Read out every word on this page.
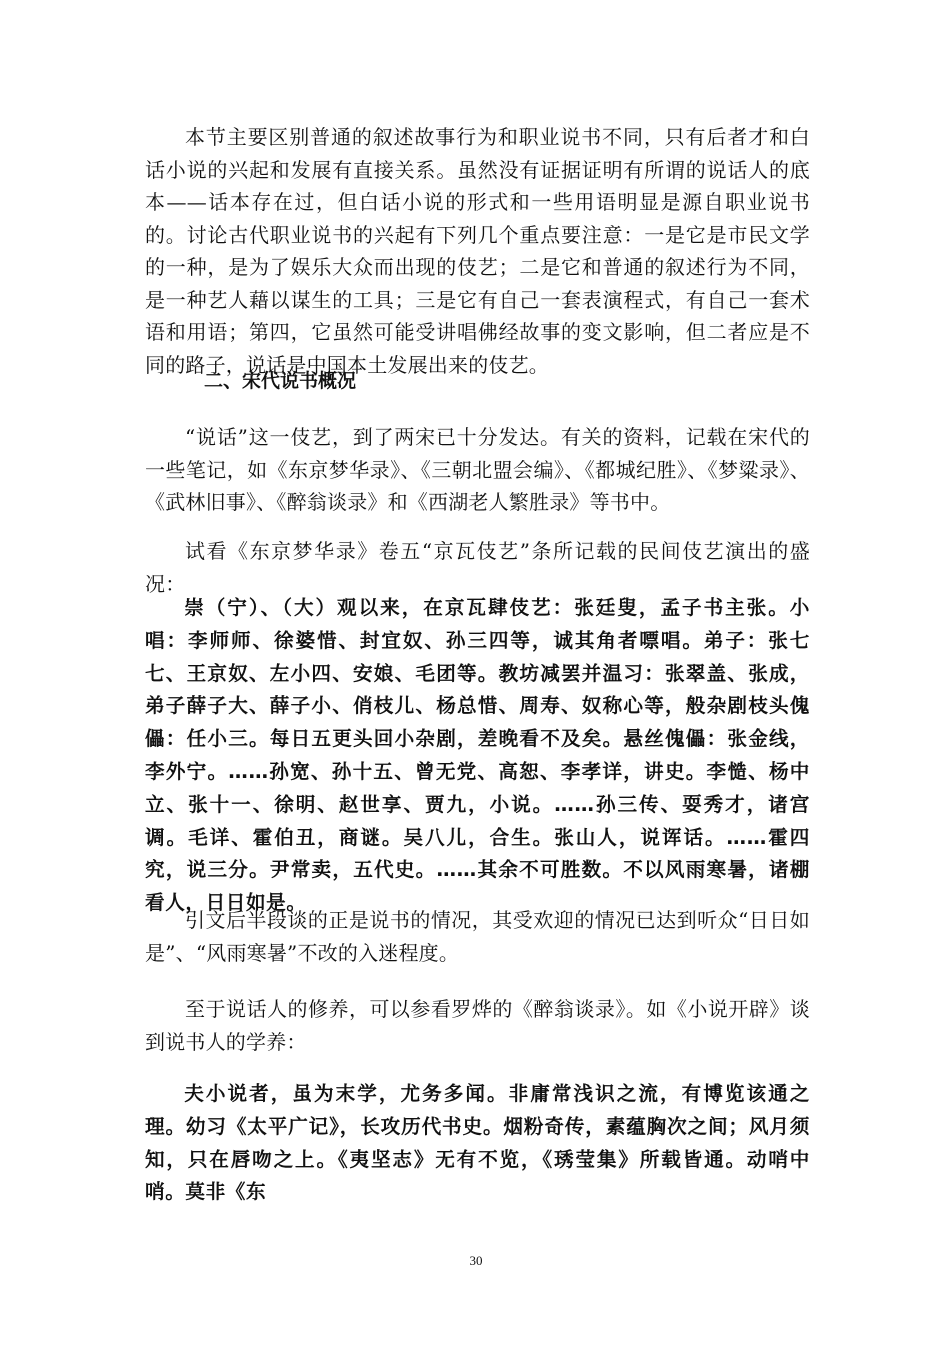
本节主要区别普通的叙述故事行为和职业说书不同，只有后者才和白话小说的兴起和发展有直接关系。虽然没有证据证明有所谓的说话人的底本——话本存在过，但白话小说的形式和一些用语明显是源自职业说书的。讨论古代职业说书的兴起有下列几个重点要注意：一是它是市民文学的一种，是为了娱乐大众而出现的伎艺；二是它和普通的叙述行为不同，是一种艺人藉以谋生的工具；三是它有自己一套表演程式，有自己一套术语和用语；第四，它虽然可能受讲唱佛经故事的变文影响，但二者应是不同的路子，说话是中国本土发展出来的伎艺。

二、宋代说书概况

“说话”这一伎艺，到了两宋已十分发达。有关的资料，记载在宋代的一些笔记，如《东京梦华录》、《三朝北盟会编》、《都城纪胜》、《梦粱录》、《武林旧事》、《醉翁谈录》和《西湖老人繁胜录》等书中。

试看《东京梦华录》卷五“京瓦伎艺”条所记载的民间伎艺演出的盛况：

崇（宁）、（大）观以来，在京瓦肆伎艺：张廷叟，孟子书主张。小唱：李师师、徐婆惜、封宜奴、孙三四等，诚其角者嘌唱。弟子：张七七、王京奴、左小四、安娘、毛团等。教坊减罢并温习：张翠盖、张成，弟子薛子大、薛子小、俏枝儿、杨总惜、周寿、奴称心等，般杂剧枝头傀儡：任小三。每日五更头回小杂剧，差晚看不及矣。悬丝傀儡：张金线，李外宁。……孙宽、孙十五、曾无党、高恕、李孝详，讲史。李慥、杨中立、张十一、徐明、赵世享、贾九，小说。……孙三传、耍秀才，诸宫调。毛详、霍伯丑，商谜。吴八儿，合生。张山人，说诨话。……霍四究，说三分。尹常卖，五代史。……其余不可胜数。不以风雨寒暑，诸棚看人，日日如是。

引文后半段谈的正是说书的情况，其受欢迎的情况已达到听众“日日如是”、“风雨寒暑”不改的入迷程度。

至于说话人的修养，可以参看罗烨的《醉翁谈录》。如《小说开辟》谈到说书人的学养：

夫小说者，虽为末学，尤务多闻。非庸常浅识之流，有博览该通之理。幼习《太平广记》，长攻历代书史。烟粉奇传，素蕴胸次之间；风月须知，只在唇吻之上。《夷坚志》无有不览，《琇莹集》所载皆通。动哨中哨。莫非《东

30
